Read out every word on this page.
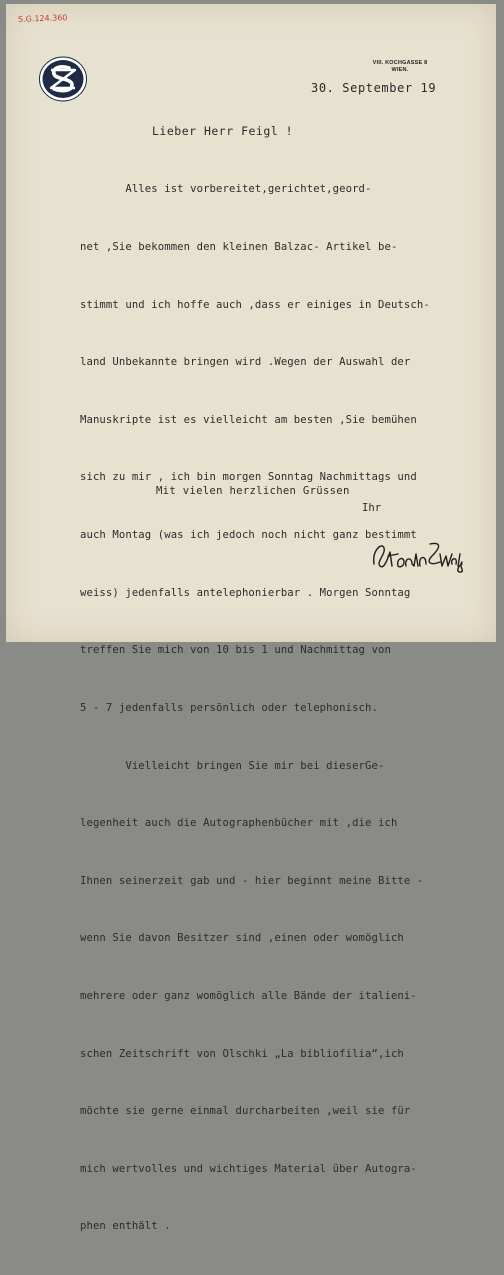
S.G.124.360
VIII. KOCHGASSE 8
WIEN.
30. September 19
Lieber Herr Feigl !

Alles ist vorbereitet,gerichtet,geord-

net ,Sie bekommen den kleinen Balzac- Artikel be-

stimmt und ich hoffe auch ,dass er einiges in Deutsch-

land Unbekannte bringen wird .Wegen der Auswahl der

Manuskripte ist es vielleicht am besten ,Sie bemühen

sich zu mir , ich bin morgen Sonntag Nachmittags und

auch Montag (was ich jedoch noch nicht ganz bestimmt

weiss) jedenfalls antelephonierbar . Morgen Sonntag

treffen Sie mich von 10 bis 1 und Nachmittag von

5 - 7 jedenfalls persönlich oder telephonisch.

Vielleicht bringen Sie mir bei dieserGe-

legenheit auch die Autographenbücher mit ,die ich

Ihnen seinerzeit gab und - hier beginnt meine Bitte -

wenn Sie davon Besitzer sind ,einen oder womöglich

mehrere oder ganz womöglich alle Bände der italieni-

schen Zeitschrift von Olschki „La bibliofilia“,ich

möchte sie gerne einmal durcharbeiten ,weil sie für

mich wertvolles und wichtiges Material über Autogra-

phen enthält .

Mit vielen herzlichen Grüssen
Ihr
